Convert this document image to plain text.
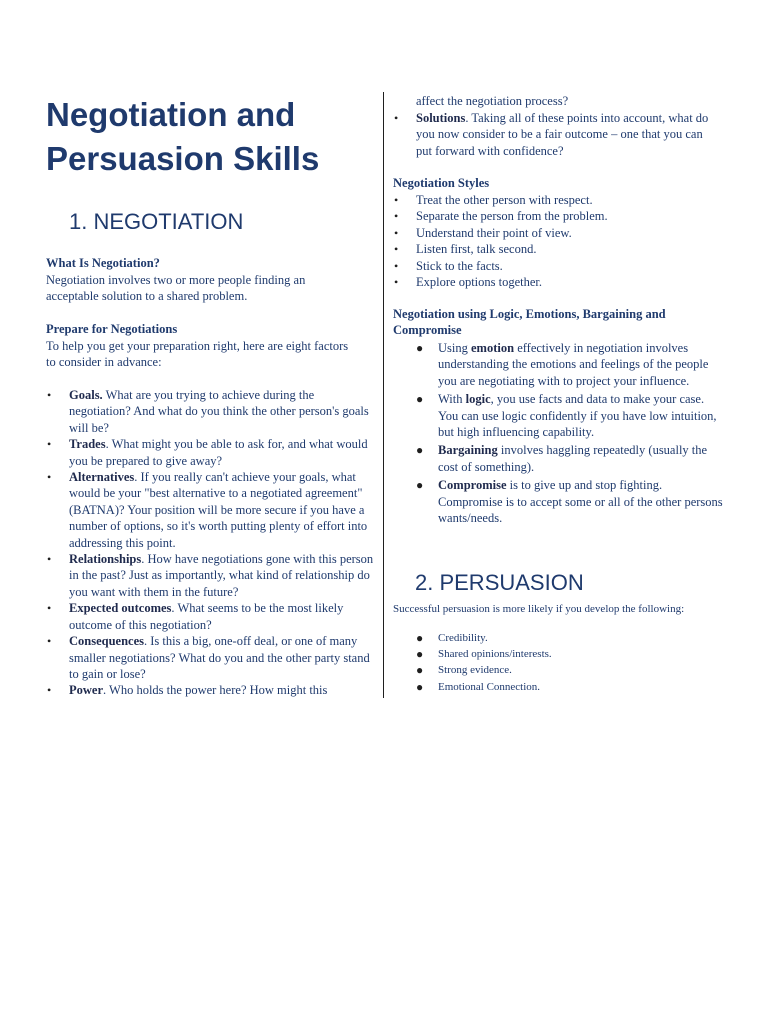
Negotiation and Persuasion Skills
1. NEGOTIATION
What Is Negotiation?

Negotiation involves two or more people finding an acceptable solution to a shared problem.

Prepare for Negotiations

To help you get your preparation right, here are eight factors to consider in advance:

• Goals. What are you trying to achieve during the negotiation? And what do you think the other person's goals will be?
• Trades. What might you be able to ask for, and what would you be prepared to give away?
• Alternatives. If you really can't achieve your goals, what would be your "best alternative to a negotiated agreement" (BATNA)? Your position will be more secure if you have a number of options, so it's worth putting plenty of effort into addressing this point.
• Relationships. How have negotiations gone with this person in the past? Just as importantly, what kind of relationship do you want with them in the future?
• Expected outcomes. What seems to be the most likely outcome of this negotiation?
• Consequences. Is this a big, one-off deal, or one of many smaller negotiations? What do you and the other party stand to gain or lose?
• Power. Who holds the power here? How might this

affect the negotiation process?

• Solutions. Taking all of these points into account, what do you now consider to be a fair outcome – one that you can put forward with confidence?
Negotiation Styles
• Treat the other person with respect.
• Separate the person from the problem.
• Understand their point of view.
• Listen first, talk second.
• Stick to the facts.
• Explore options together.
Negotiation using Logic, Emotions, Bargaining and Compromise
● Using emotion effectively in negotiation involves understanding the emotions and feelings of the people you are negotiating with to project your influence.
● With logic, you use facts and data to make your case. You can use logic confidently if you have low intuition, but high influencing capability.
● Bargaining involves haggling repeatedly (usually the cost of something).
● Compromise is to give up and stop fighting. Compromise is to accept some or all of the other persons wants/needs.
2. PERSUASION

Successful persuasion is more likely if you develop the following:

● Credibility.
● Shared opinions/interests.
● Strong evidence.
● Emotional Connection.
